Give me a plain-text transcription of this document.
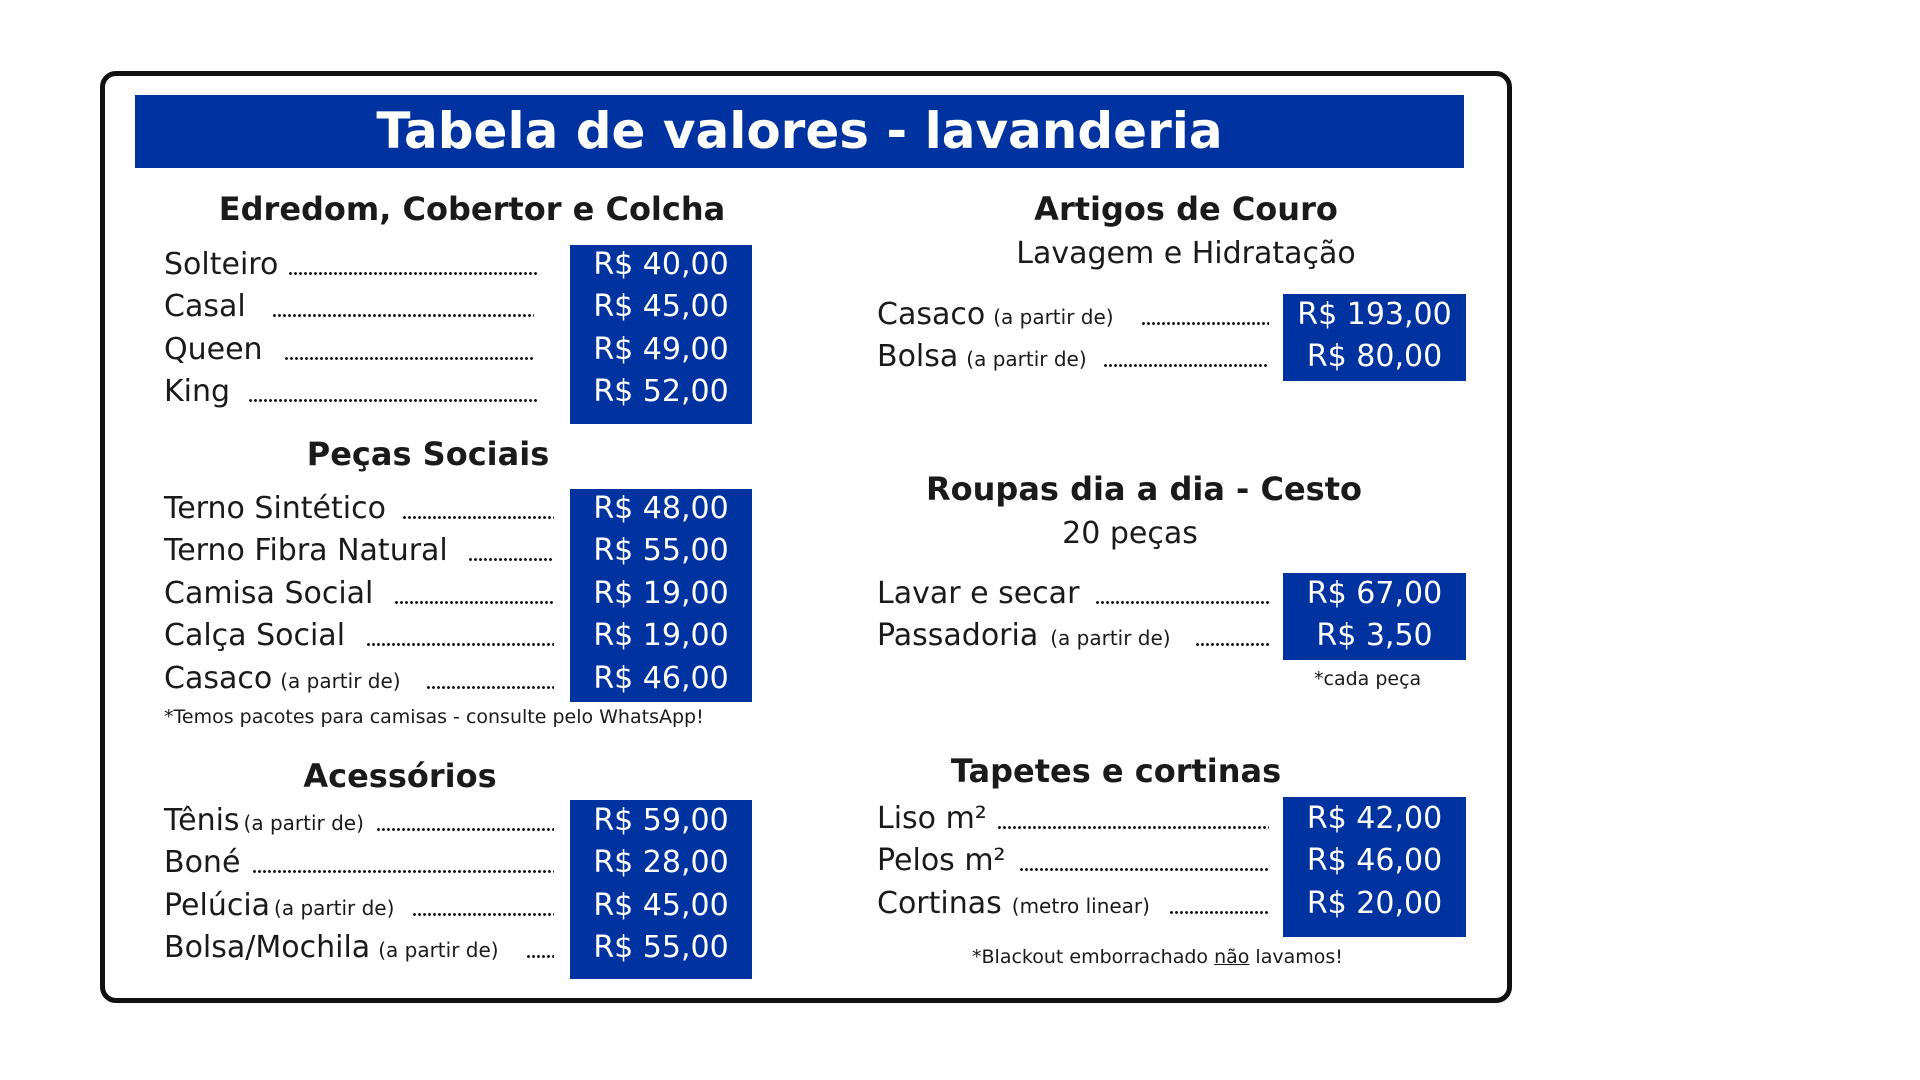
Tabela de valores - lavanderia
Edredom, Cobertor e Colcha
Solteiro	R$ 40,00
Casal	R$ 45,00
Queen	R$ 49,00
King	R$ 52,00
Peças Sociais
Terno Sintético	R$ 48,00
Terno Fibra Natural	R$ 55,00
Camisa Social	R$ 19,00
Calça Social	R$ 19,00
Casaco (a partir de)	R$ 46,00
*Temos pacotes para camisas - consulte pelo WhatsApp!
Acessórios
Tênis (a partir de)	R$ 59,00
Boné	R$ 28,00
Pelúcia (a partir de)	R$ 45,00
Bolsa/Mochila (a partir de)	R$ 55,00
Artigos de Couro
Lavagem e Hidratação
Casaco (a partir de)	R$ 193,00
Bolsa (a partir de)	R$ 80,00
Roupas dia a dia - Cesto
20 peças
Lavar e secar	R$ 67,00
Passadoria (a partir de)	R$ 3,50
*cada peça
Tapetes e cortinas
Liso m²	R$ 42,00
Pelos m²	R$ 46,00
Cortinas (metro linear)	R$ 20,00
*Blackout emborrachado não lavamos!
